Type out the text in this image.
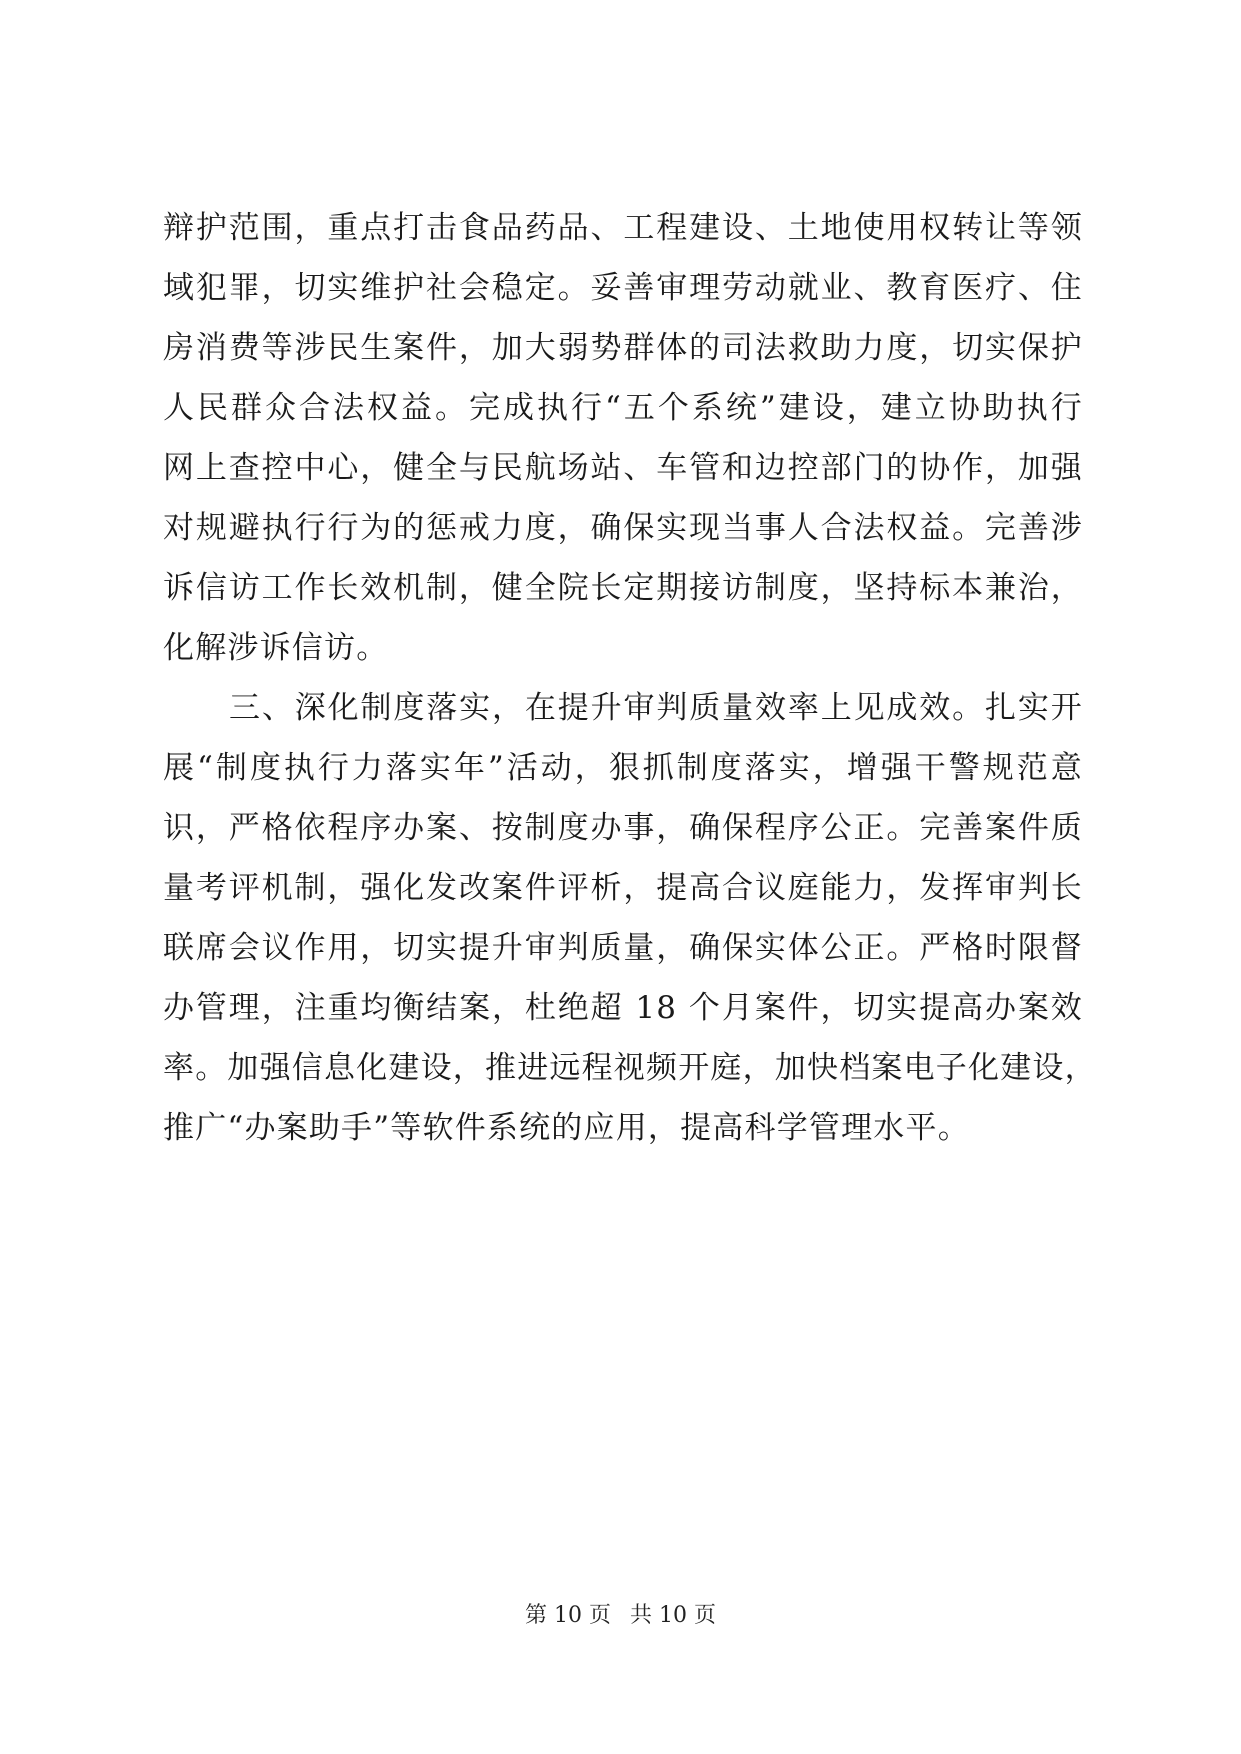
辩护范围，重点打击食品药品、工程建设、土地使用权转让等领
域犯罪，切实维护社会稳定。妥善审理劳动就业、教育医疗、住
房消费等涉民生案件，加大弱势群体的司法救助力度，切实保护
人民群众合法权益。完成执行“五个系统”建设，建立协助执行
网上查控中心，健全与民航场站、车管和边控部门的协作，加强
对规避执行行为的惩戒力度，确保实现当事人合法权益。完善涉
诉信访工作长效机制，健全院长定期接访制度，坚持标本兼治，
化解涉诉信访。
三、深化制度落实，在提升审判质量效率上见成效。扎实开
展“制度执行力落实年”活动，狠抓制度落实，增强干警规范意
识，严格依程序办案、按制度办事，确保程序公正。完善案件质
量考评机制，强化发改案件评析，提高合议庭能力，发挥审判长
联席会议作用，切实提升审判质量，确保实体公正。严格时限督
办管理，注重均衡结案，杜绝超 18 个月案件，切实提高办案效
率。加强信息化建设，推进远程视频开庭，加快档案电子化建设，
推广“办案助手”等软件系统的应用，提高科学管理水平。
第 10 页 共 10 页
